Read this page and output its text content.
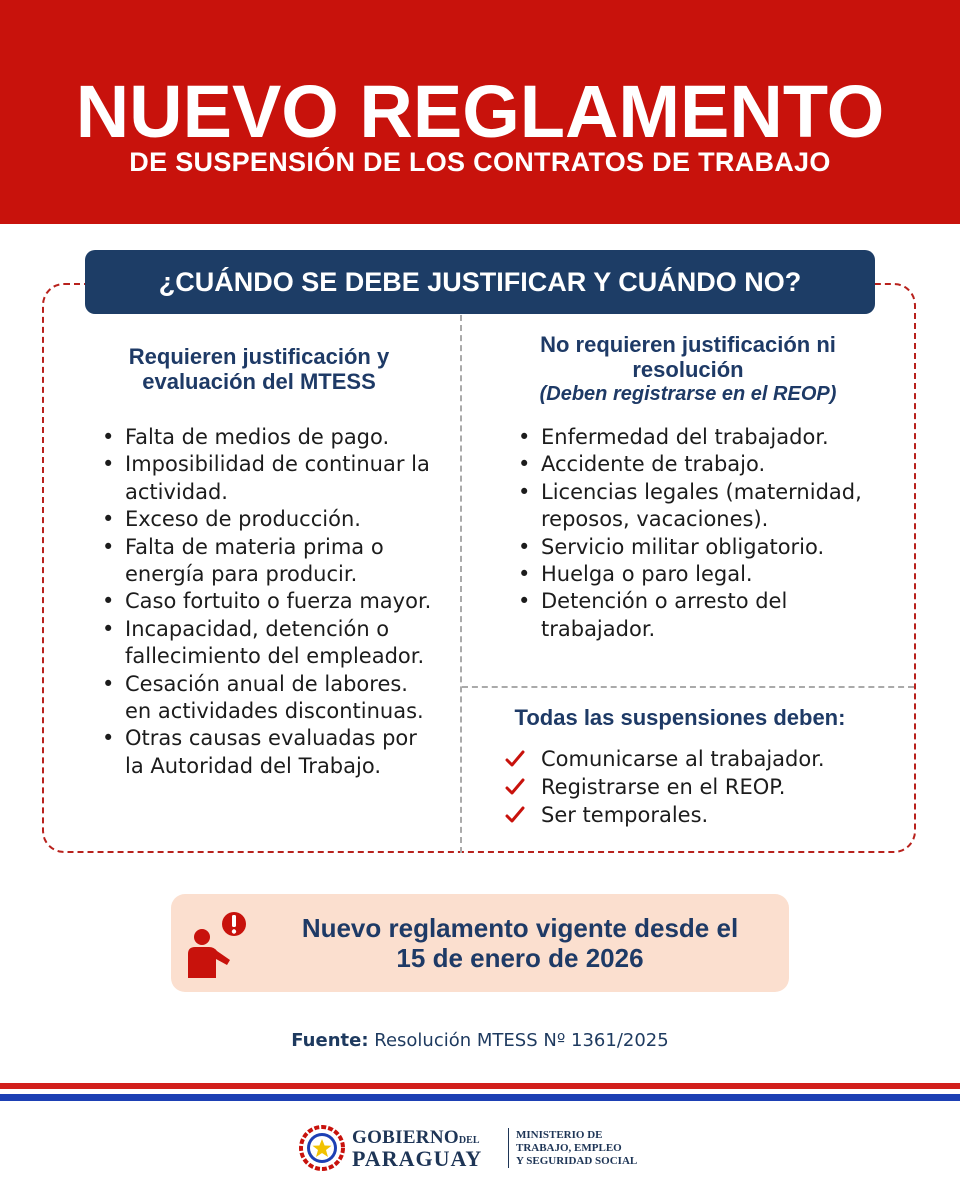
NUEVO REGLAMENTO
DE SUSPENSIÓN DE LOS CONTRATOS DE TRABAJO
¿CUÁNDO SE DEBE JUSTIFICAR Y CUÁNDO NO?
Requieren justificación y
evaluación del MTESS
• Falta de medios de pago.
• Imposibilidad de continuar la actividad.
• Exceso de producción.
• Falta de materia prima o energía para producir.
• Caso fortuito o fuerza mayor.
• Incapacidad, detención o fallecimiento del empleador.
• Cesación anual de labores. en actividades discontinuas.
• Otras causas evaluadas por la Autoridad del Trabajo.
No requieren justificación ni
resolución
(Deben registrarse en el REOP)
• Enfermedad del trabajador.
• Accidente de trabajo.
• Licencias legales (maternidad, reposos, vacaciones).
• Servicio militar obligatorio.
• Huelga o paro legal.
• Detención o arresto del trabajador.
Todas las suspensiones deben:
Comunicarse al trabajador.
Registrarse en el REOP.
Ser temporales.
Nuevo reglamento vigente desde el
15 de enero de 2026
Fuente: Resolución MTESS Nº 1361/2025
GOBIERNODEL
PARAGUAY
MINISTERIO DE
TRABAJO, EMPLEO
Y SEGURIDAD SOCIAL
